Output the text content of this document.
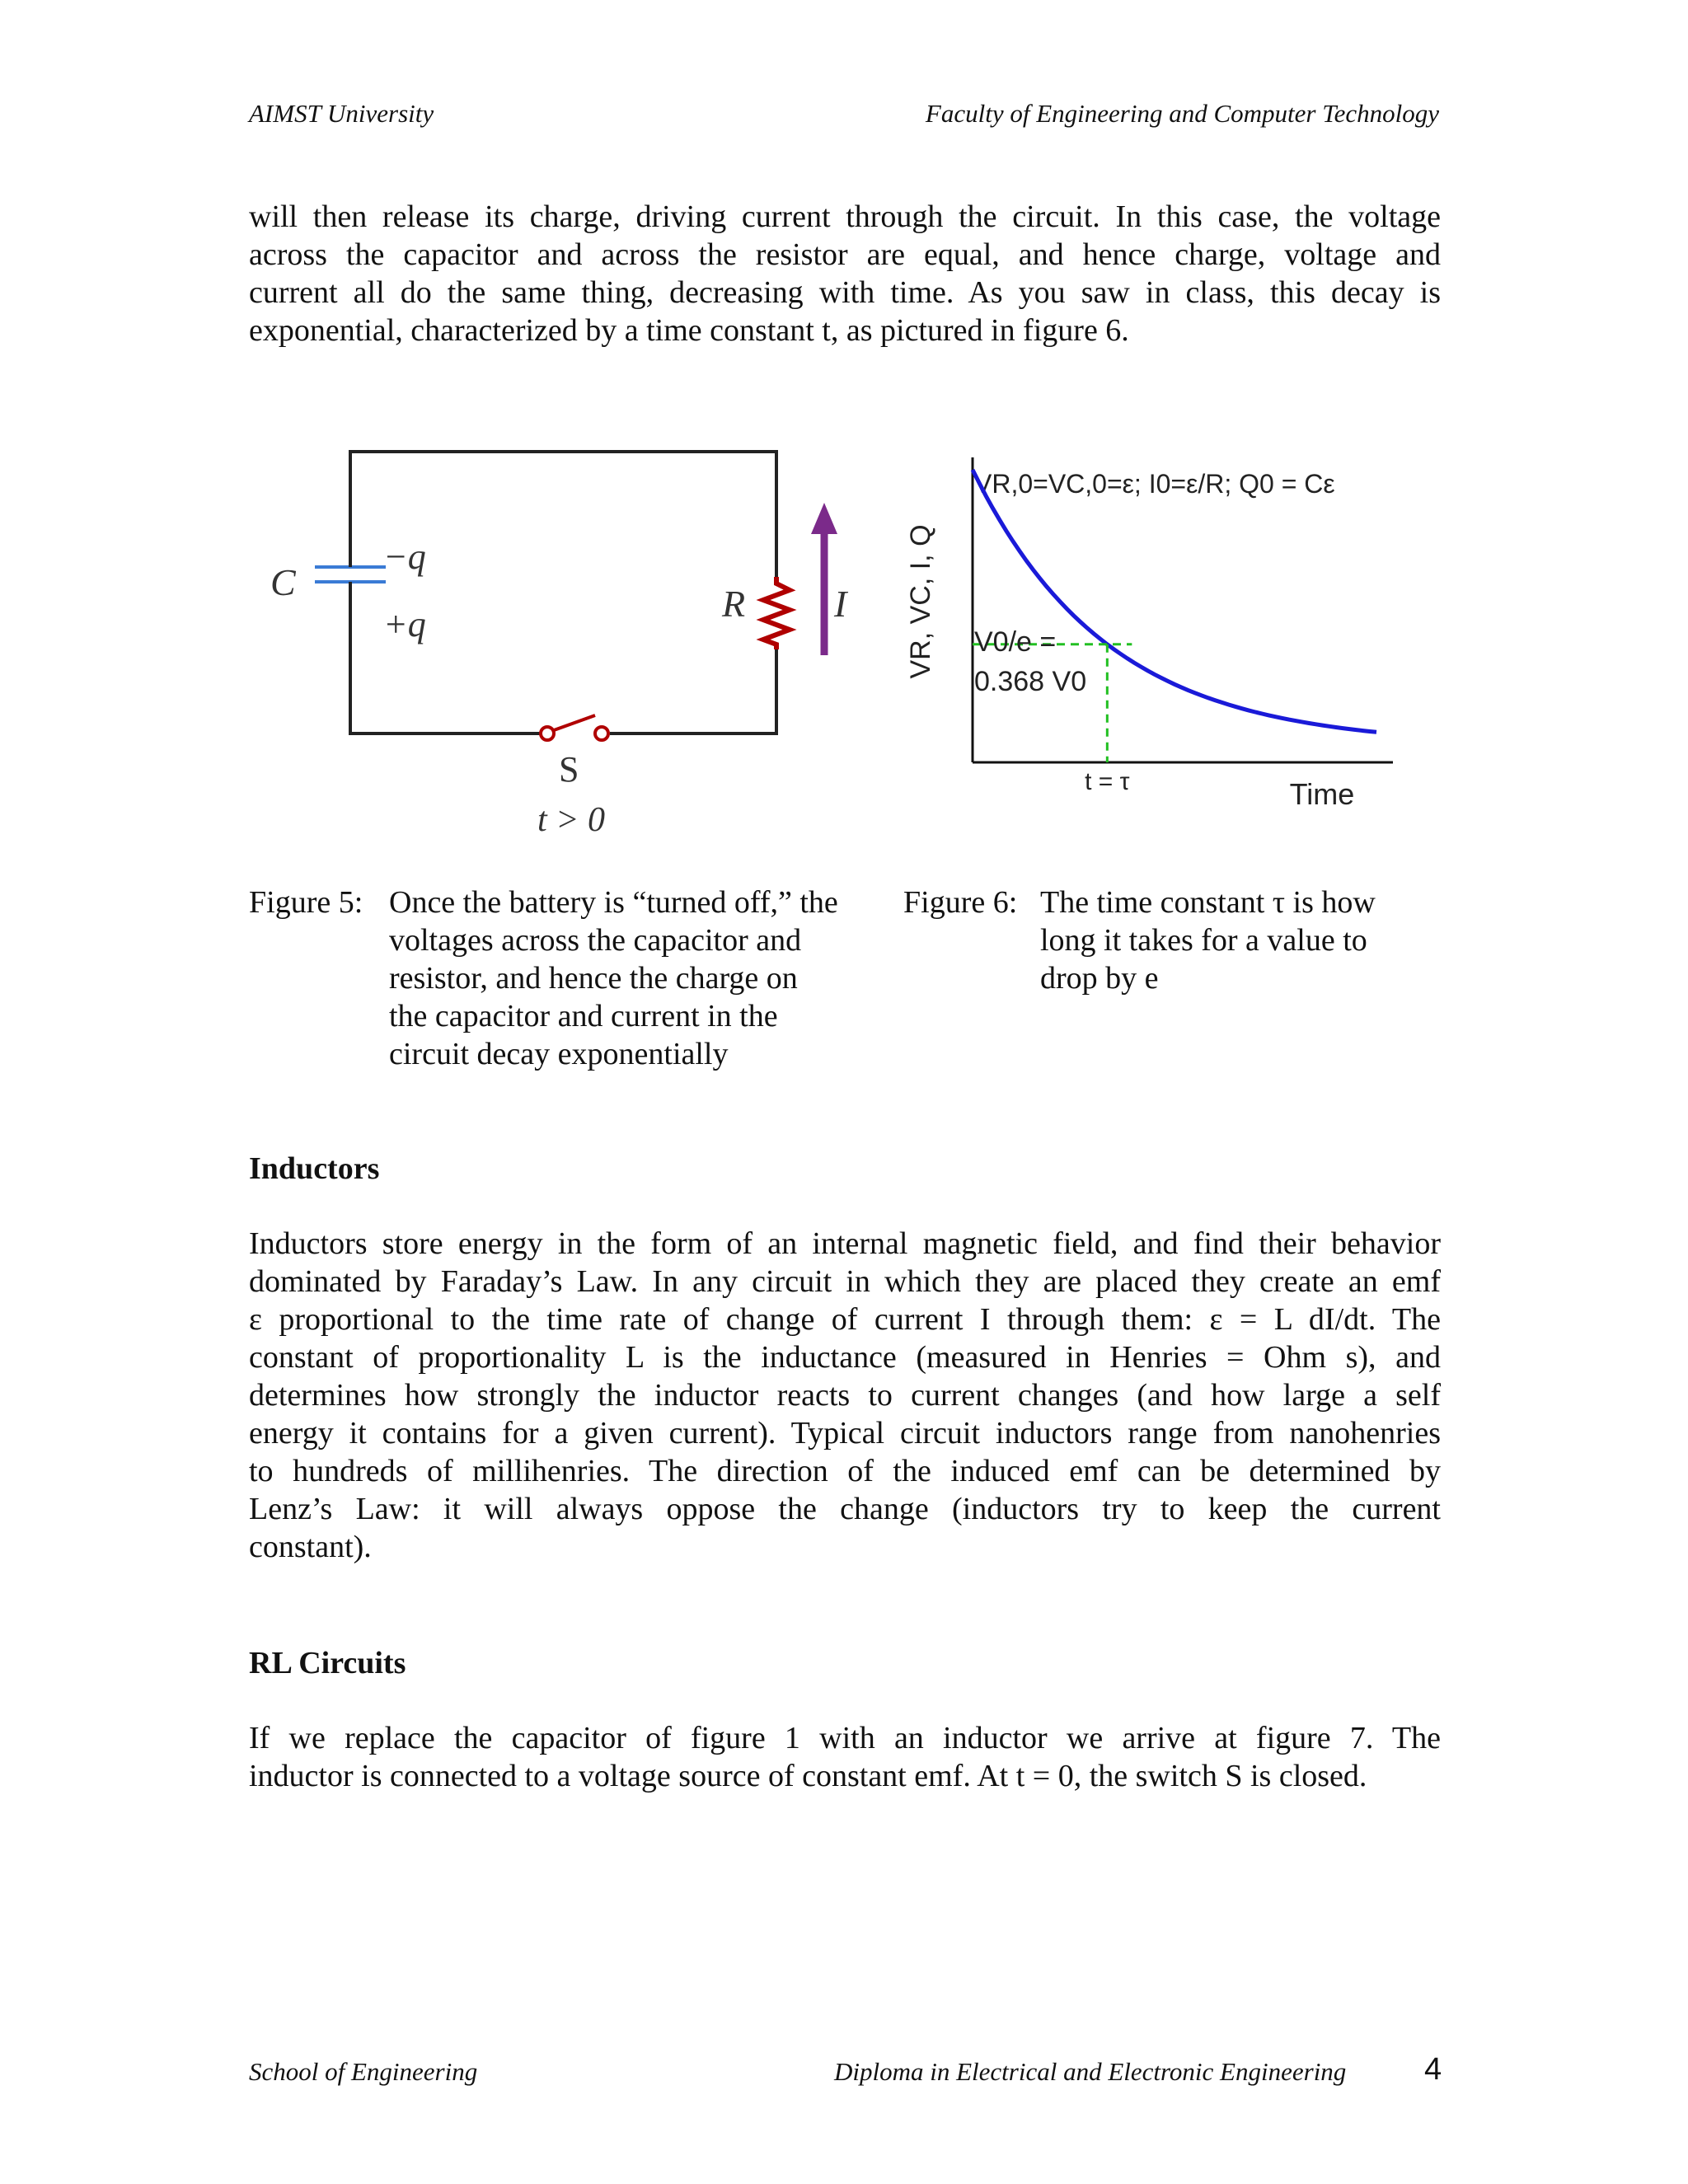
AIMST University	Faculty of Engineering and Computer Technology
will then release its charge, driving current through the circuit. In this case, the voltage
across the capacitor and across the resistor are equal, and hence charge, voltage and
current all do the same thing, decreasing with time. As you saw in class, this decay is
exponential, characterized by a time constant t, as pictured in figure 6.
C
−q
+q	R I
S
t > 0
VR, VC, I, Q
VR,0=VC,0=ε; I0=ε/R; Q0 = Cε
V0/e =
0.368 V0
t = τ	Time
Figure 5: Once the battery is “turned off,” the
voltages across the capacitor and
resistor, and hence the charge on
the capacitor and current in the
circuit decay exponentially
Figure 6: The time constant τ is how
long it takes for a value to
drop by e
Inductors
Inductors store energy in the form of an internal magnetic field, and find their behavior
dominated by Faraday’s Law. In any circuit in which they are placed they create an emf
ε proportional to the time rate of change of current I through them: ε = L dI/dt. The
constant of proportionality L is the inductance (measured in Henries = Ohm s), and
determines how strongly the inductor reacts to current changes (and how large a self
energy it contains for a given current). Typical circuit inductors range from nanohenries
to hundreds of millihenries. The direction of the induced emf can be determined by
Lenz’s Law: it will always oppose the change (inductors try to keep the current
constant).
RL Circuits
If we replace the capacitor of figure 1 with an inductor we arrive at figure 7. The
inductor is connected to a voltage source of constant emf. At t = 0, the switch S is closed.
School of Engineering	Diploma in Electrical and Electronic Engineering 4
